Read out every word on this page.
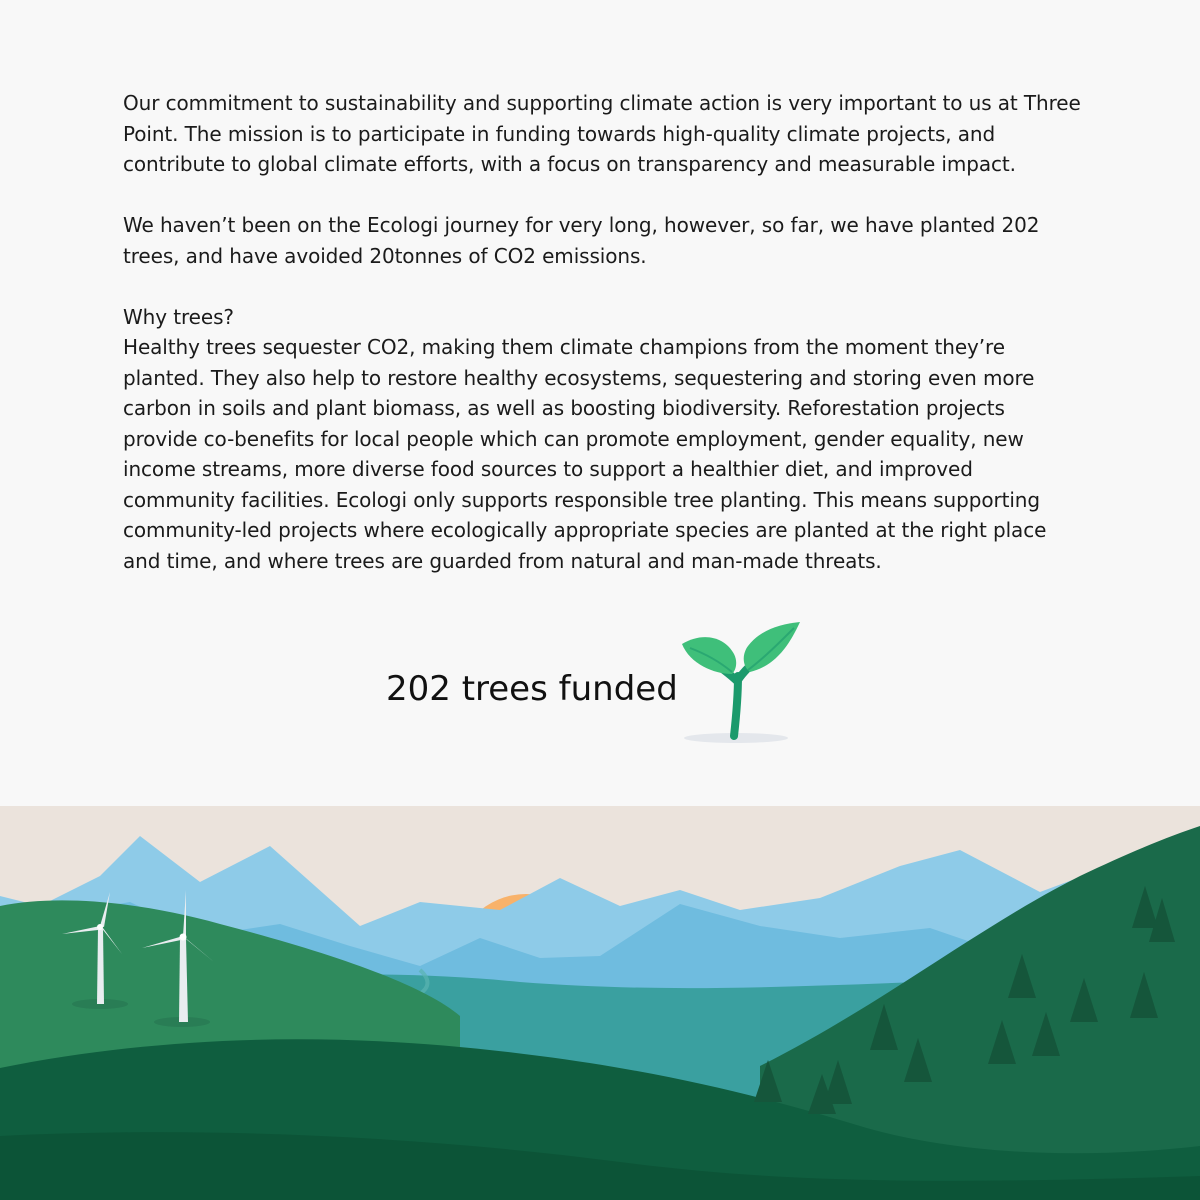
Our commitment to sustainability and supporting climate action is very important to us at Three Point. The mission is to participate in funding towards high-quality climate projects, and contribute to global climate efforts, with a focus on transparency and measurable impact.

We haven’t been on the Ecologi journey for very long, however, so far, we have planted 202 trees, and have avoided 20tonnes of CO2 emissions.

Why trees?

Healthy trees sequester CO2, making them climate champions from the moment they’re planted. They also help to restore healthy ecosystems, sequestering and storing even more carbon in soils and plant biomass, as well as boosting biodiversity. Reforestation projects provide co-benefits for local people which can promote employment, gender equality, new income streams, more diverse food sources to support a healthier diet, and improved community facilities. Ecologi only supports responsible tree planting. This means supporting community-led projects where ecologically appropriate species are planted at the right place and time, and where trees are guarded from natural and man-made threats.

202 trees funded
